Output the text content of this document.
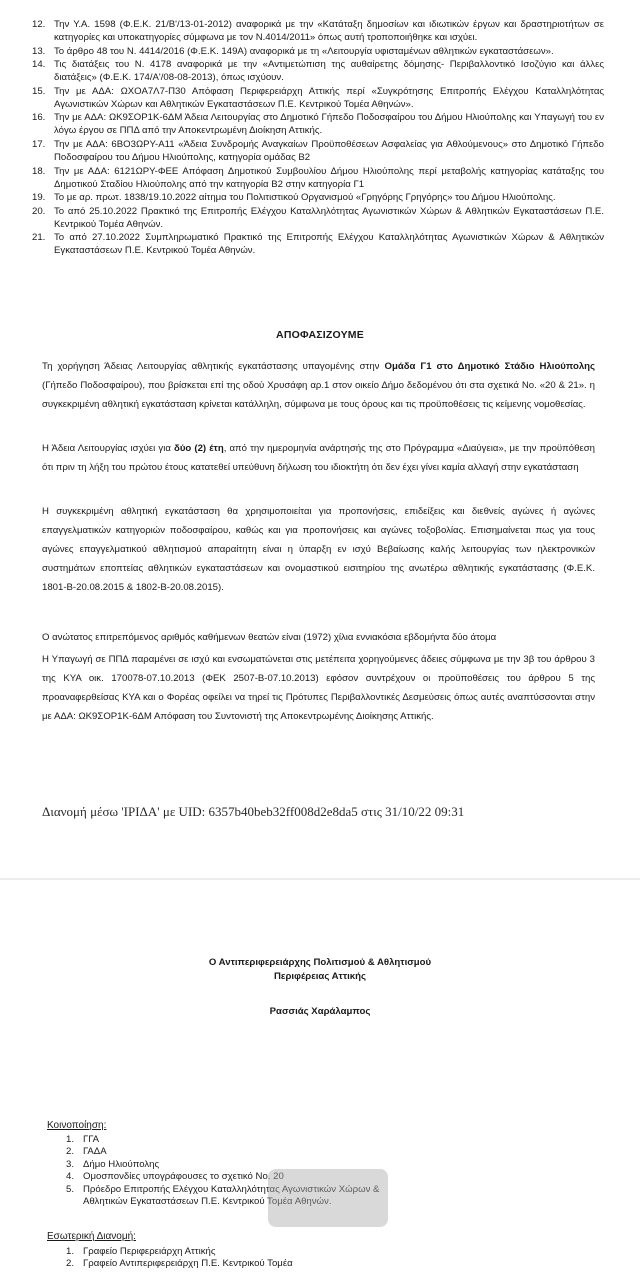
12. Την Υ.Α. 1598 (Φ.Ε.Κ. 21/Β'/13-01-2012) αναφορικά με την «Κατάταξη δημοσίων και ιδιωτικών έργων και δραστηριοτήτων σε κατηγορίες και υποκατηγορίες σύμφωνα με τον Ν.4014/2011» όπως αυτή τροποποιήθηκε και ισχύει.
13. Το άρθρο 48 του Ν. 4414/2016 (Φ.Ε.Κ. 149Α) αναφορικά με τη «Λειτουργία υφισταμένων αθλητικών εγκαταστάσεων».
14. Τις διατάξεις του Ν. 4178 αναφορικά με την «Αντιμετώπιση της αυθαίρετης δόμησης- Περιβαλλοντικό Ισοζύγιο και άλλες διατάξεις» (Φ.Ε.Κ. 174/Α'/08-08-2013), όπως ισχύουν.
15. Την με ΑΔΑ: ΩΧΟΑ7Λ7-Π30 Απόφαση Περιφερειάρχη Αττικής περί «Συγκρότησης Επιτροπής Ελέγχου Καταλληλότητας Αγωνιστικών Χώρων και Αθλητικών Εγκαταστάσεων Π.Ε. Κεντρικού Τομέα Αθηνών».
16. Την με ΑΔΑ: ΩΚ9ΣΟΡ1Κ-6ΔΜ Άδεια Λειτουργίας στο Δημοτικό Γήπεδο Ποδοσφαίρου του Δήμου Ηλιούπολης και Υπαγωγή του εν λόγω έργου σε ΠΠΔ από την Αποκεντρωμένη Διοίκηση Αττικής.
17. Την με ΑΔΑ: 6ΒΟ3ΩΡΥ-Α11 «Άδεια Συνδρομής Αναγκαίων Προϋποθέσεων Ασφαλείας για Αθλούμενους» στο Δημοτικό Γήπεδο Ποδοσφαίρου του Δήμου Ηλιούπολης, κατηγορία ομάδας Β2
18. Την με ΑΔΑ: 6121ΩΡΥ-ΦΕΕ Απόφαση Δημοτικού Συμβουλίου Δήμου Ηλιούπολης περί μεταβολής κατηγορίας κατάταξης του Δημοτικού Σταδίου Ηλιούπολης από την κατηγορία Β2 στην κατηγορία Γ1
19. Το με αρ. πρωτ. 1838/19.10.2022 αίτημα του Πολιτιστικού Οργανισμού «Γρηγόρης Γρηγόρης» του Δήμου Ηλιούπολης.
20. Το από 25.10.2022 Πρακτικό της Επιτροπής Ελέγχου Καταλληλότητας Αγωνιστικών Χώρων & Αθλητικών Εγκαταστάσεων Π.Ε. Κεντρικού Τομέα Αθηνών.
21. Το από 27.10.2022 Συμπληρωματικό Πρακτικό της Επιτροπής Ελέγχου Καταλληλότητας Αγωνιστικών Χώρων & Αθλητικών Εγκαταστάσεων Π.Ε. Κεντρικού Τομέα Αθηνών.
ΑΠΟΦΑΣΙΖΟΥΜΕ
Τη χορήγηση Άδειας Λειτουργίας αθλητικής εγκατάστασης υπαγομένης στην Ομάδα Γ1 στο Δημοτικό Στάδιο Ηλιούπολης (Γήπεδο Ποδοσφαίρου), που βρίσκεται επί της οδού Χρυσάφη αρ.1 στον οικείο Δήμο δεδομένου ότι στα σχετικά Νο. «20 & 21». η συγκεκριμένη αθλητική εγκατάσταση κρίνεται κατάλληλη, σύμφωνα με τους όρους και τις προϋποθέσεις τις κείμενης νομοθεσίας.
Η Άδεια Λειτουργίας ισχύει για δύο (2) έτη, από την ημερομηνία ανάρτησής της στο Πρόγραμμα «Διαύγεια», με την προϋπόθεση ότι πριν τη λήξη του πρώτου έτους κατατεθεί υπεύθυνη δήλωση του ιδιοκτήτη ότι δεν έχει γίνει καμία αλλαγή στην εγκατάσταση
Η συγκεκριμένη αθλητική εγκατάσταση θα χρησιμοποιείται για προπονήσεις, επιδείξεις και διεθνείς αγώνες ή αγώνες επαγγελματικών κατηγοριών ποδοσφαίρου, καθώς και για προπονήσεις και αγώνες τοξοβολίας. Επισημαίνεται πως για τους αγώνες επαγγελματικού αθλητισμού απαραίτητη είναι η ύπαρξη εν ισχύ Βεβαίωσης καλής λειτουργίας των ηλεκτρονικών συστημάτων εποπτείας αθλητικών εγκαταστάσεων και ονομαστικού εισιτηρίου της ανωτέρω αθλητικής εγκατάστασης (Φ.Ε.Κ. 1801-Β-20.08.2015 & 1802-Β-20.08.2015).
Ο ανώτατος επιτρεπόμενος αριθμός καθήμενων θεατών είναι (1972) χίλια εννιακόσια εβδομήντα δύο άτομα
Η Υπαγωγή σε ΠΠΔ παραμένει σε ισχύ και ενσωματώνεται στις μετέπειτα χορηγούμενες άδειες σύμφωνα με την 3β του άρθρου 3 της ΚΥΑ οικ. 170078-07.10.2013 (ΦΕΚ 2507-Β-07.10.2013) εφόσον συντρέχουν οι προϋποθέσεις του άρθρου 5 της προαναφερθείσας ΚΥΑ και ο Φορέας οφείλει να τηρεί τις Πρότυπες Περιβαλλοντικές Δεσμεύσεις όπως αυτές αναπτύσσονται στην με ΑΔΑ: ΩΚ9ΣΟΡ1Κ-6ΔΜ Απόφαση του Συντονιστή της Αποκεντρωμένης Διοίκησης Αττικής.
Διανομή μέσω 'ΙΡΙΔΑ' με UID: 6357b40beb32ff008d2e8da5 στις 31/10/22 09:31
Ο Αντιπεριφερειάρχης Πολιτισμού & Αθλητισμού
Περιφέρειας Αττικής
Ρασσιάς Χαράλαμπος
Κοινοποίηση:
1. ΓΓΑ
2. ΓΑΔΑ
3. Δήμο Ηλιούπολης
4. Ομοσπονδίες υπογράφουσες το σχετικό Νο. 20
5. Πρόεδρο Επιτροπής Ελέγχου Καταλληλότητας Αγωνιστικών Χώρων & Αθλητικών Εγκαταστάσεων Π.Ε. Κεντρικού Τομέα Αθηνών.
Εσωτερική Διανομή:
1. Γραφείο Περιφερειάρχη Αττικής
2. Γραφείο Αντιπεριφερειάρχη Π.Ε. Κεντρικού Τομέα
